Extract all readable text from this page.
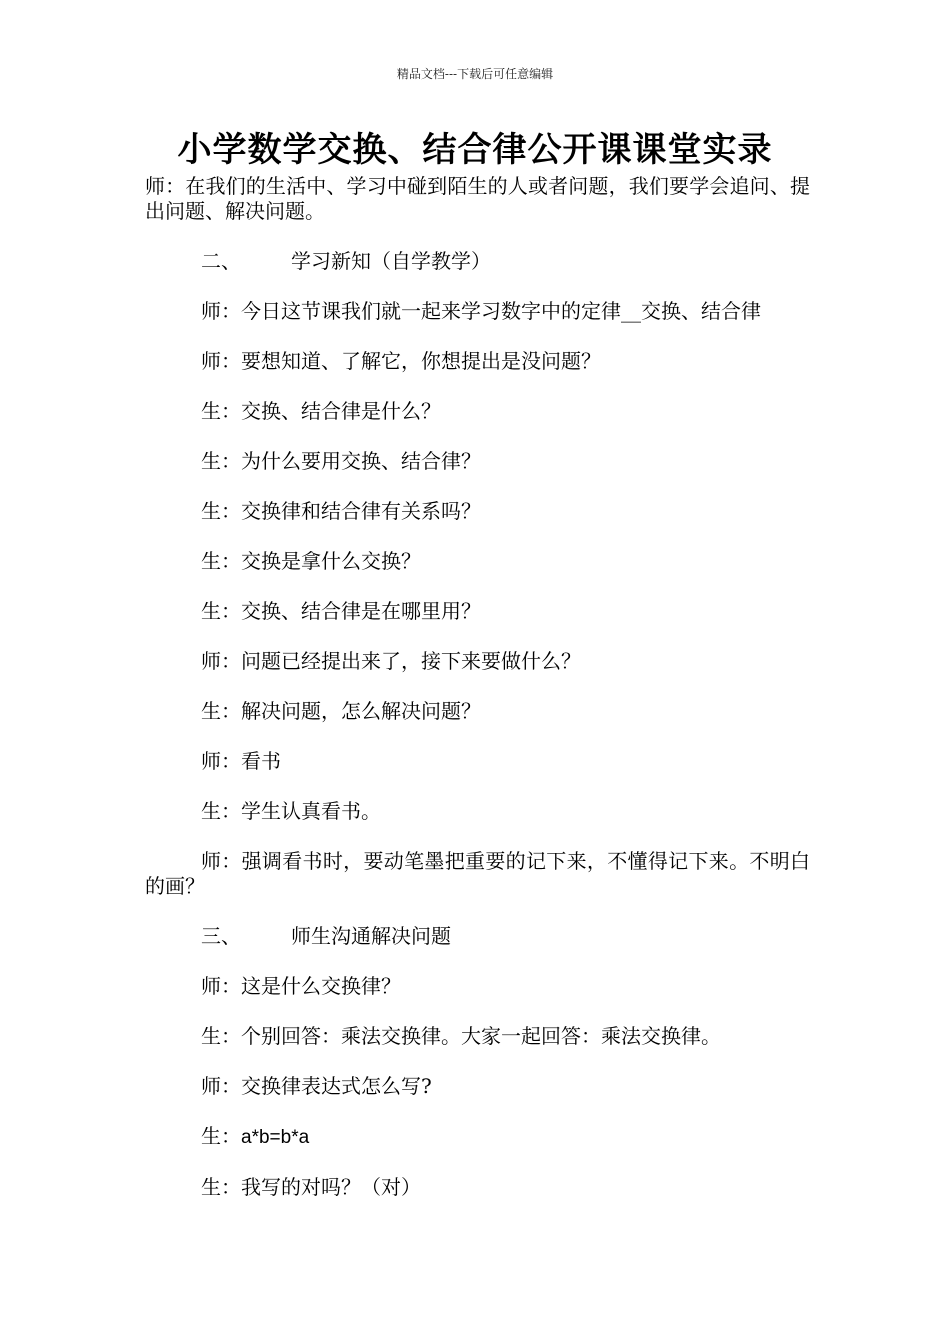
精品文档---下载后可任意编辑
小学数学交换、结合律公开课课堂实录

师：在我们的生活中、学习中碰到陌生的人或者问题，我们要学会追问、提出问题、解决问题。

二、	学习新知（自学教学）

师：今日这节课我们就一起来学习数字中的定律__交换、结合律

师：要想知道、了解它，你想提出是没问题？

生：交换、结合律是什么？

生：为什么要用交换、结合律？

生：交换律和结合律有关系吗？

生：交换是拿什么交换？

生：交换、结合律是在哪里用？

师：问题已经提出来了，接下来要做什么？

生：解决问题，怎么解决问题？

师：看书

生：学生认真看书。

师：强调看书时，要动笔墨把重要的记下来，不懂得记下来。不明白的画？

三、	师生沟通解决问题

师：这是什么交换律？

生：个别回答：乘法交换律。大家一起回答：乘法交换律。

师：交换律表达式怎么写?

生：a*b=b*a

生：我写的对吗？（对）
